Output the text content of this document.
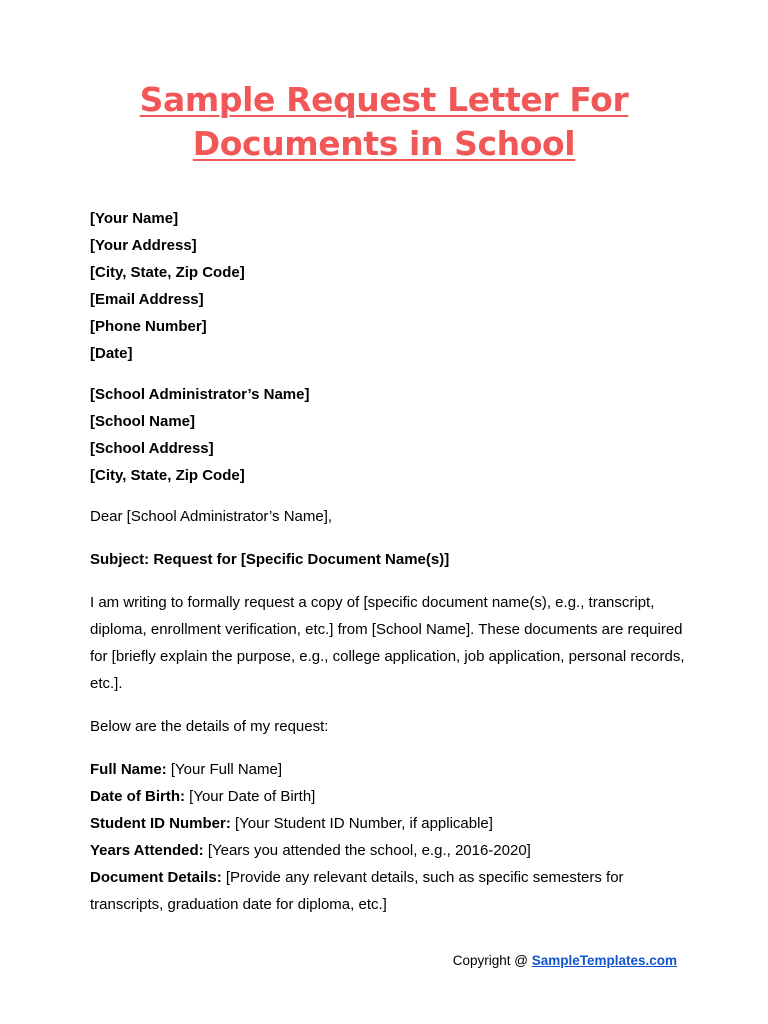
Sample Request Letter For
Documents in School
[Your Name]
[Your Address]
[City, State, Zip Code]
[Email Address]
[Phone Number]
[Date]
[School Administrator’s Name]
[School Name]
[School Address]
[City, State, Zip Code]
Dear [School Administrator’s Name],
Subject: Request for [Specific Document Name(s)]
I am writing to formally request a copy of [specific document name(s), e.g., transcript, diploma, enrollment verification, etc.] from [School Name]. These documents are required for [briefly explain the purpose, e.g., college application, job application, personal records, etc.].
Below are the details of my request:
Full Name: [Your Full Name]
Date of Birth: [Your Date of Birth]
Student ID Number: [Your Student ID Number, if applicable]
Years Attended: [Years you attended the school, e.g., 2016-2020]
Document Details: [Provide any relevant details, such as specific semesters for transcripts, graduation date for diploma, etc.]
Copyright @ SampleTemplates.com
